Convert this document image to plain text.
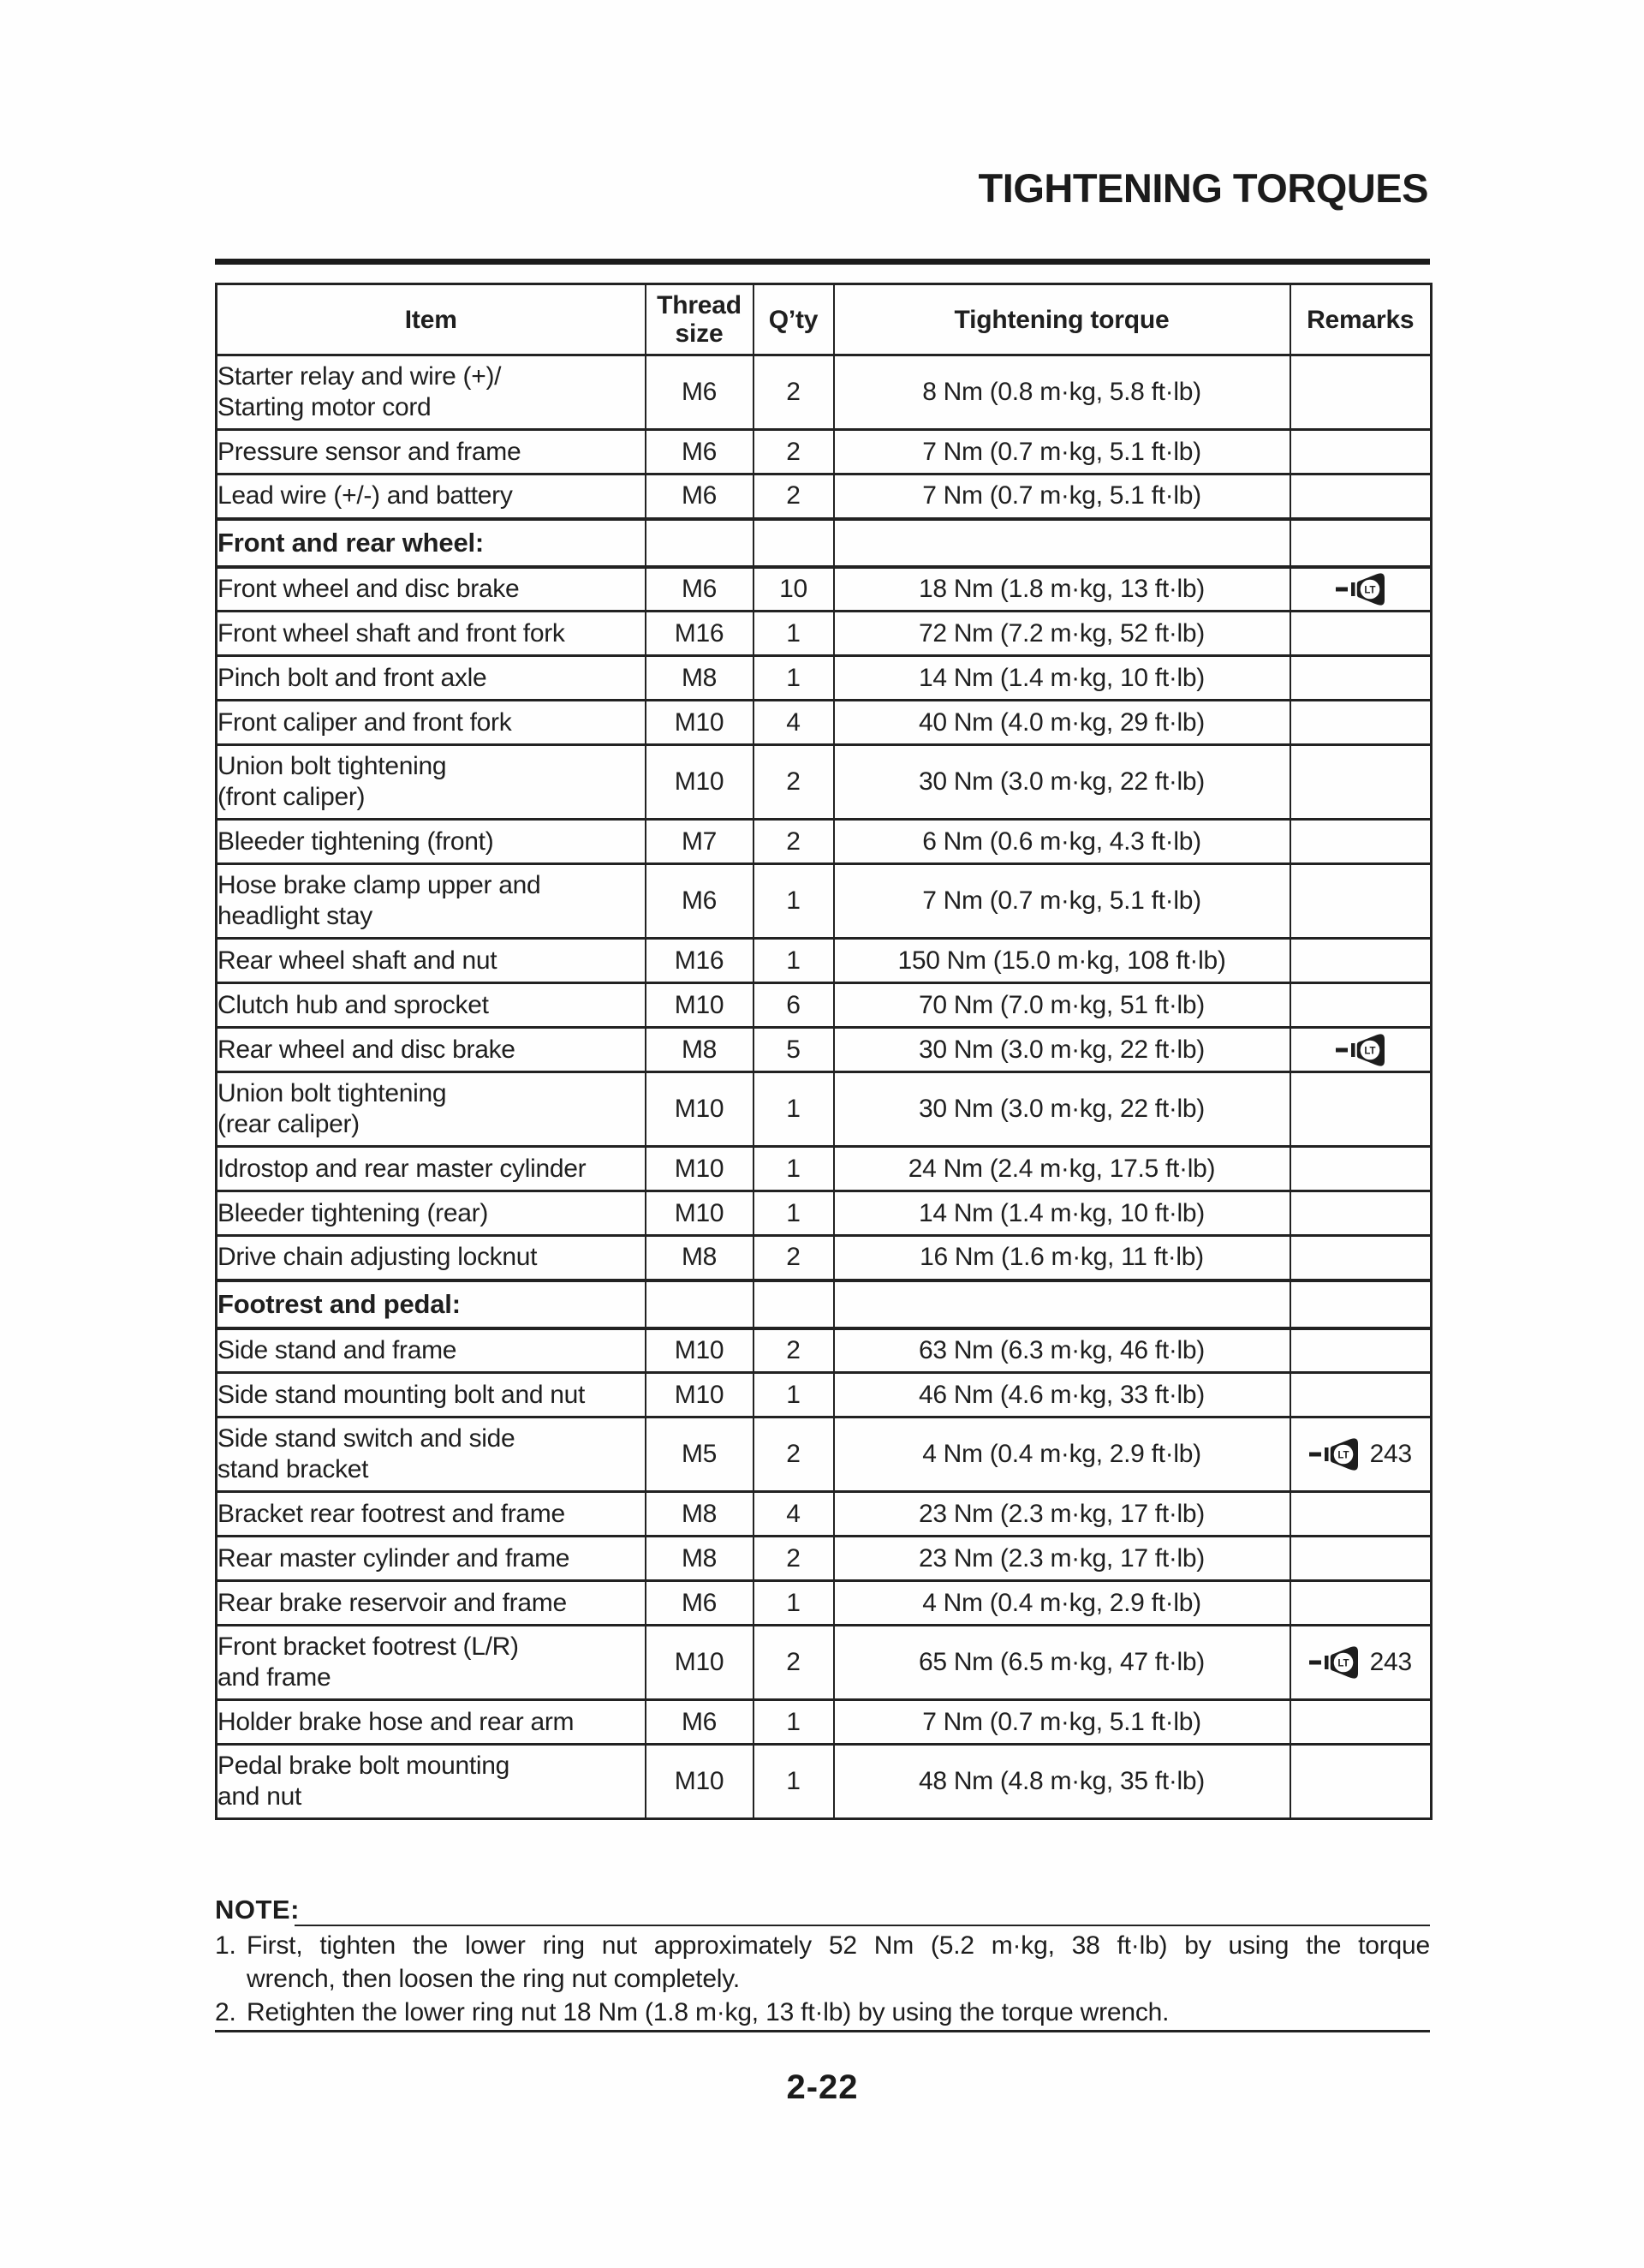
TIGHTENING TORQUES
Item	Thread size	Q’ty	Tightening torque	Remarks

Starter relay and wire (+)/
Starting motor cord	M6	2	8 Nm (0.8 m·kg, 5.8 ft·lb)	

Pressure sensor and frame	M6	2	7 Nm (0.7 m·kg, 5.1 ft·lb)	

Lead wire (+/-) and battery	M6	2	7 Nm (0.7 m·kg, 5.1 ft·lb)	

Front and rear wheel:				

Front wheel and disc brake	M6	10	18 Nm (1.8 m·kg, 13 ft·lb)	LT

Front wheel shaft and front fork	M16	1	72 Nm (7.2 m·kg, 52 ft·lb)	

Pinch bolt and front axle	M8	1	14 Nm (1.4 m·kg, 10 ft·lb)	

Front caliper and front fork	M10	4	40 Nm (4.0 m·kg, 29 ft·lb)	

Union bolt tightening
(front caliper)	M10	2	30 Nm (3.0 m·kg, 22 ft·lb)	

Bleeder tightening (front)	M7	2	6 Nm (0.6 m·kg, 4.3 ft·lb)	

Hose brake clamp upper and
headlight stay	M6	1	7 Nm (0.7 m·kg, 5.1 ft·lb)	

Rear wheel shaft and nut	M16	1	150 Nm (15.0 m·kg, 108 ft·lb)	

Clutch hub and sprocket	M10	6	70 Nm (7.0 m·kg, 51 ft·lb)	

Rear wheel and disc brake	M8	5	30 Nm (3.0 m·kg, 22 ft·lb)	LT

Union bolt tightening
(rear caliper)	M10	1	30 Nm (3.0 m·kg, 22 ft·lb)	

Idrostop and rear master cylinder	M10	1	24 Nm (2.4 m·kg, 17.5 ft·lb)	

Bleeder tightening (rear)	M10	1	14 Nm (1.4 m·kg, 10 ft·lb)	

Drive chain adjusting locknut	M8	2	16 Nm (1.6 m·kg, 11 ft·lb)	

Footrest and pedal:				

Side stand and frame	M10	2	63 Nm (6.3 m·kg, 46 ft·lb)	

Side stand mounting bolt and nut	M10	1	46 Nm (4.6 m·kg, 33 ft·lb)	

Side stand switch and side
stand bracket
	M5	2	4 Nm (0.4 m·kg, 2.9 ft·lb)	LT 243

Bracket rear footrest and frame	M8	4	23 Nm (2.3 m·kg, 17 ft·lb)	

Rear master cylinder and frame	M8	2	23 Nm (2.3 m·kg, 17 ft·lb)	

Rear brake reservoir and frame	M6	1	4 Nm (0.4 m·kg, 2.9 ft·lb)	

Front bracket footrest (L/R)
and frame
	M10	2	65 Nm (6.5 m·kg, 47 ft·lb)	LT 243

Holder brake hose and rear arm	M6	1	7 Nm (0.7 m·kg, 5.1 ft·lb)	

Pedal brake bolt mounting
and nut	M10	1	48 Nm (4.8 m·kg, 35 ft·lb)	
NOTE:
1. First, tighten the lower ring nut approximately 52 Nm (5.2 m·kg, 38 ft·lb) by using the torque
wrench, then loosen the ring nut completely.
2. Retighten the lower ring nut 18 Nm (1.8 m·kg, 13 ft·lb) by using the torque wrench.
2-22
